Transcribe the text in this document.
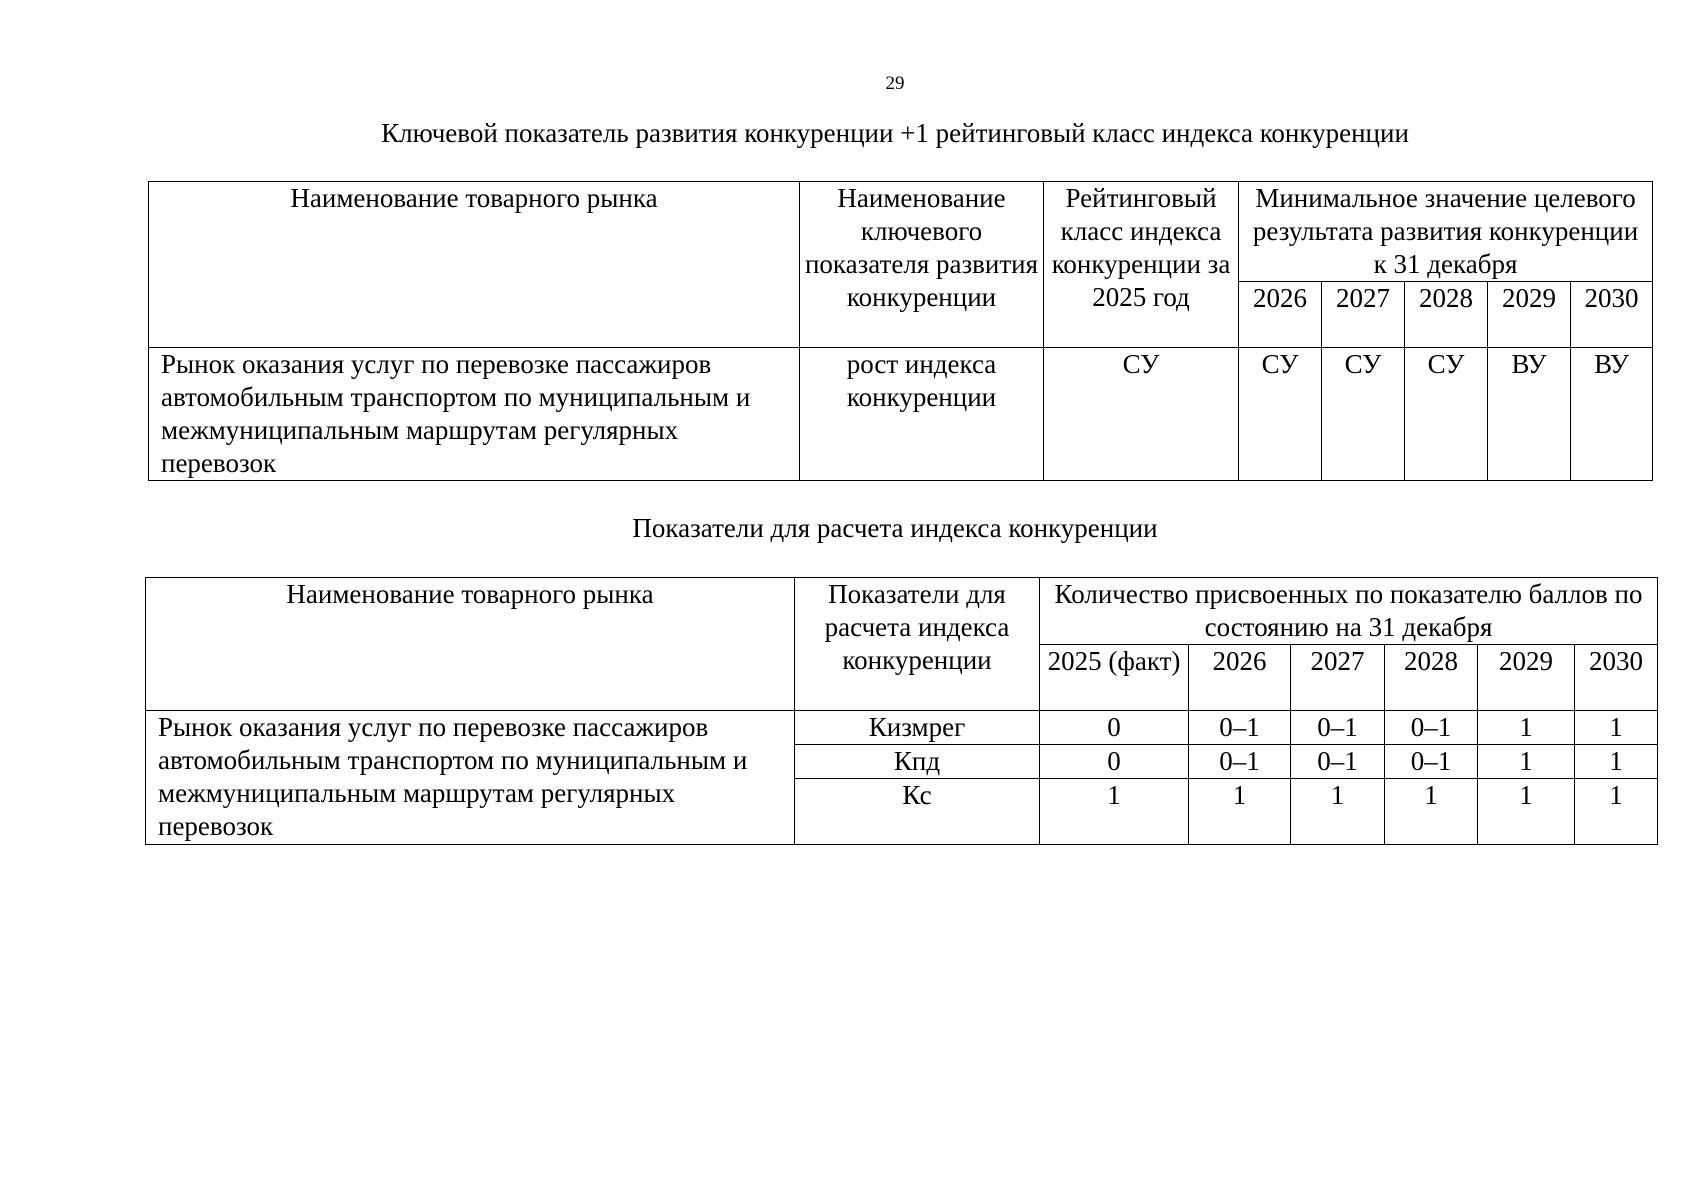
29
Ключевой показатель развития конкуренции +1 рейтинговый класс индекса конкуренции
Наименование товарного рынка	Наименование ключевого показателя развития конкуренции	Рейтинговый класс индекса конкуренции за 2025 год	Минимальное значение целевого результата развития конкуренции к 31 декабря				
			2026	2027	2028	2029	2030
Рынок оказания услуг по перевозке пассажиров автомобильным транспортом по муниципальным и межмуниципальным маршрутам регулярных перевозок	рост индекса конкуренции	СУ	СУ	СУ	СУ	ВУ	ВУ
Показатели для расчета индекса конкуренции
Наименование товарного рынка	Показатели для расчета индекса конкуренции	Количество присвоенных по показателю баллов по состоянию на 31 декабря					
		2025 (факт)	2026	2027	2028	2029	2030
Рынок оказания услуг по перевозке пассажиров автомобильным транспортом по муниципальным и межмуниципальным маршрутам регулярных перевозок	Кизмрег	0	0–1	0–1	0–1	1	1
	Кпд	0	0–1	0–1	0–1	1	1
	Кс	1	1	1	1	1	1
